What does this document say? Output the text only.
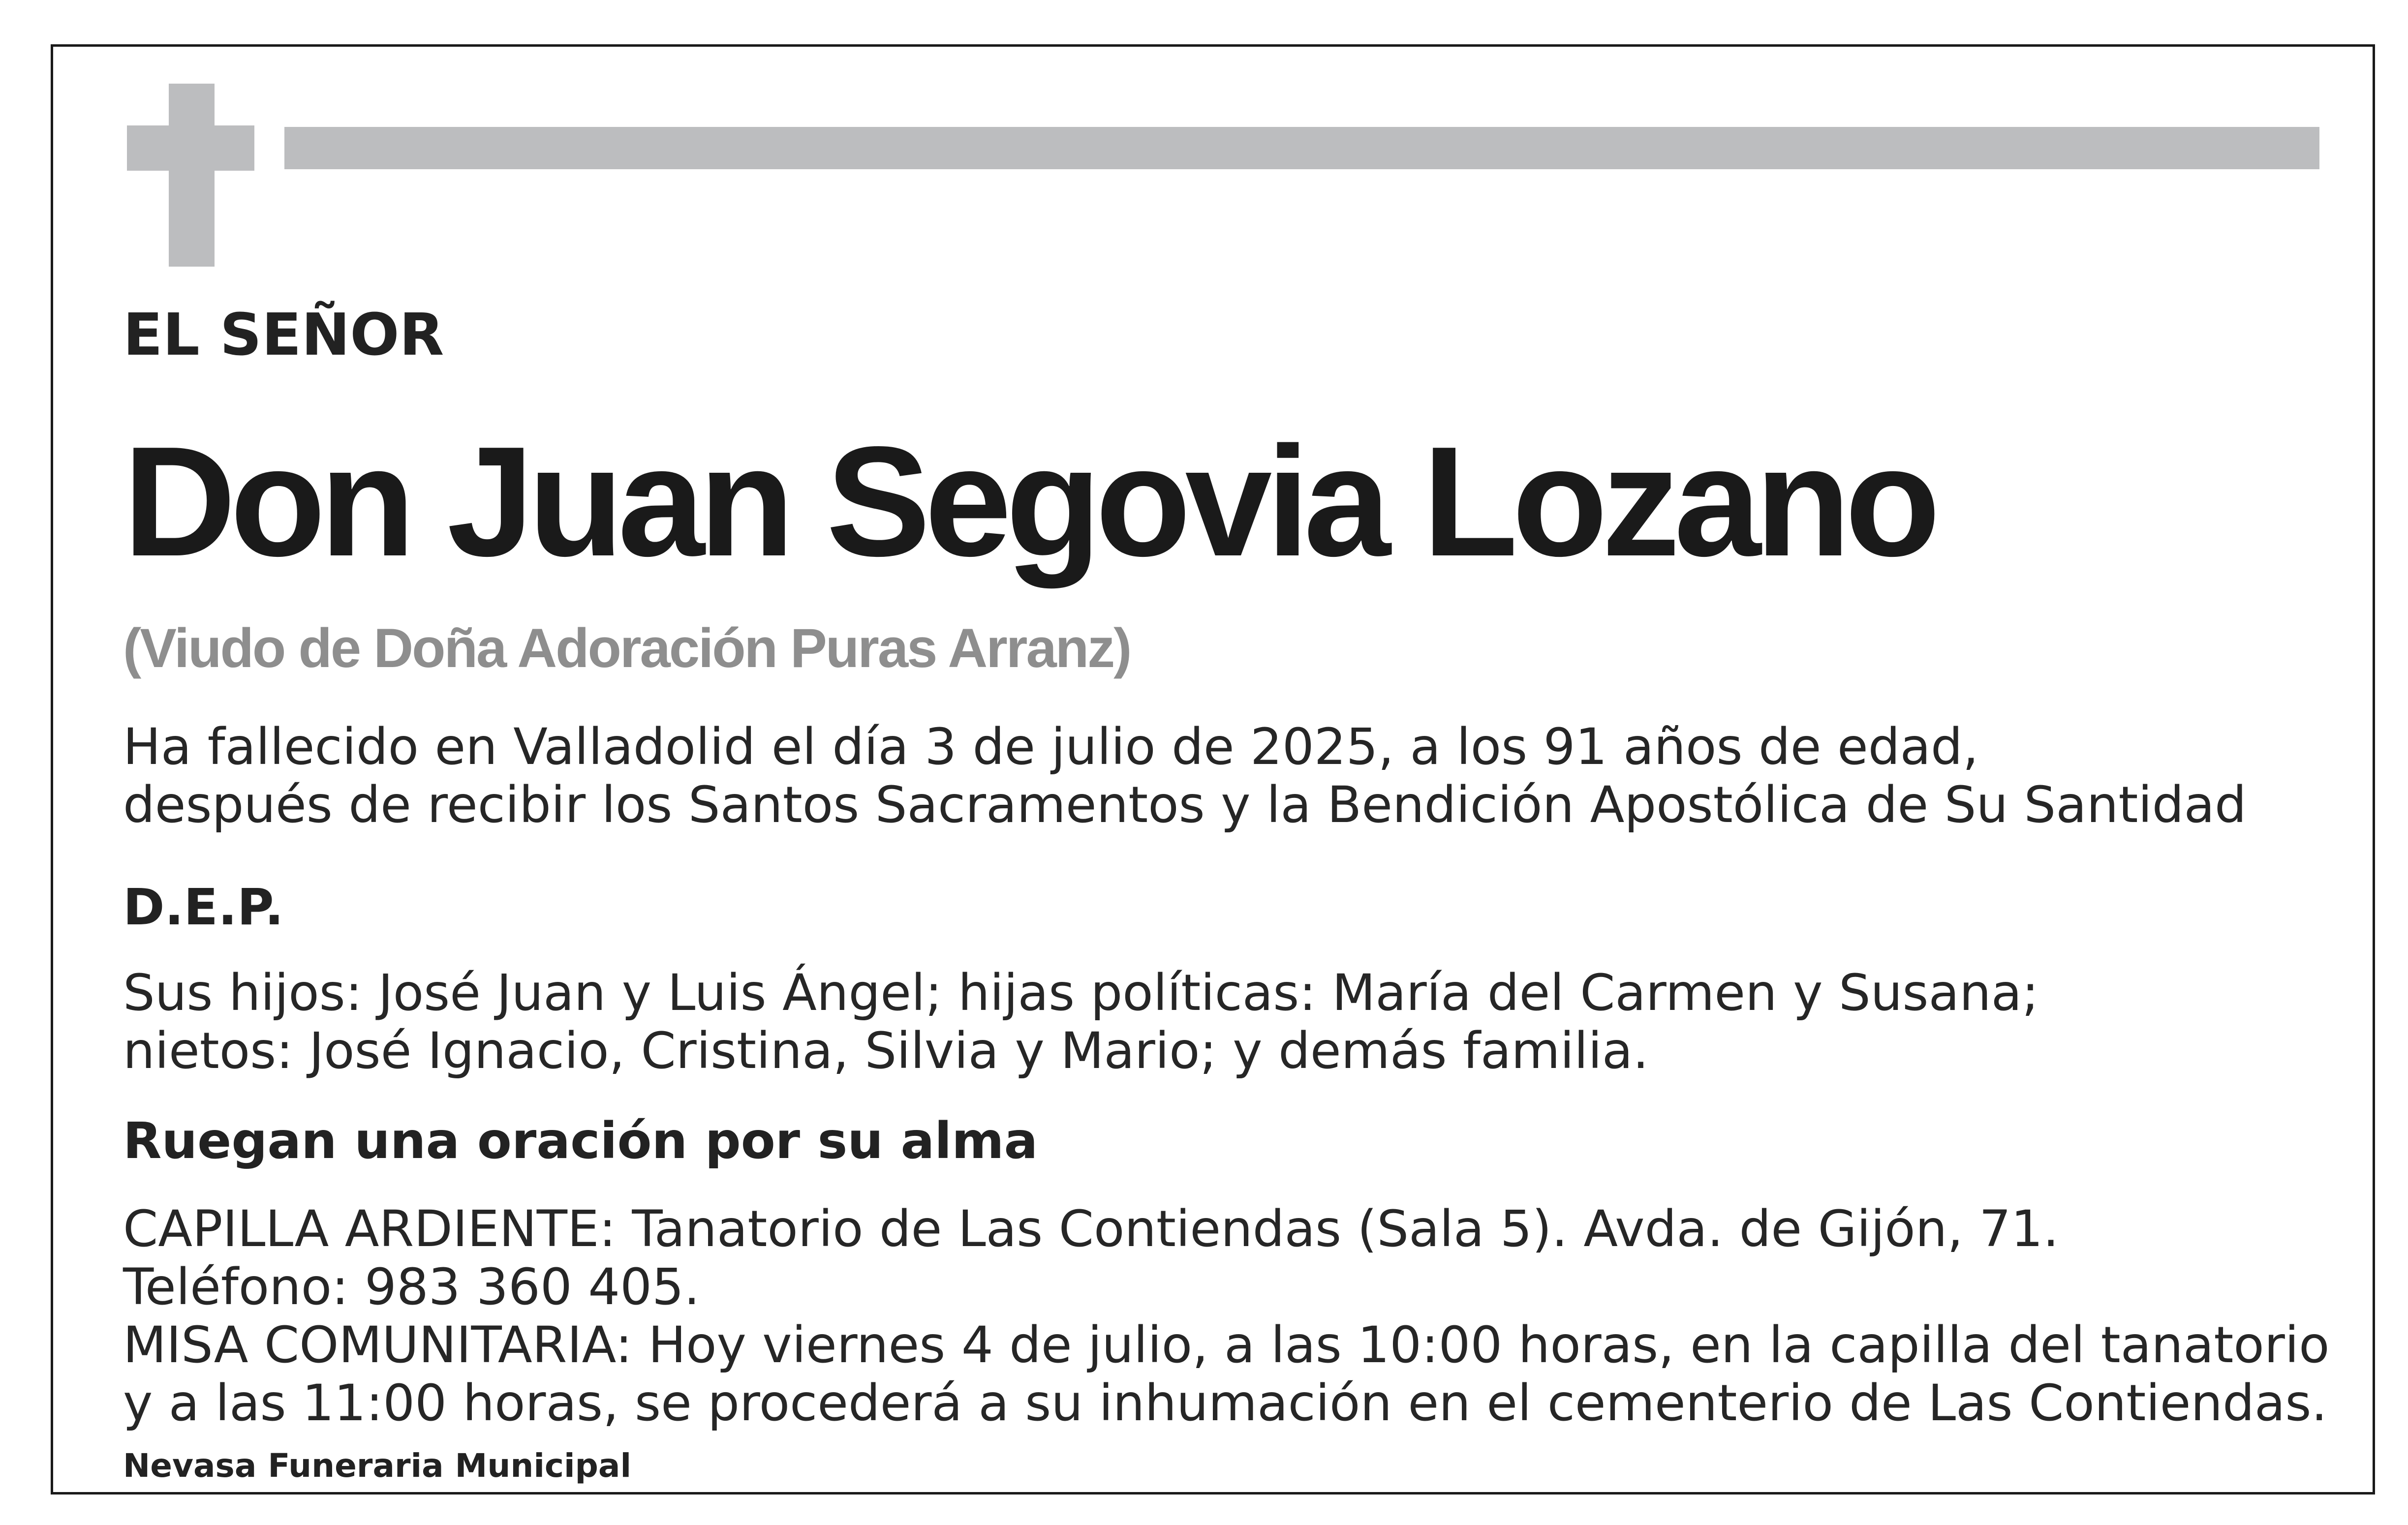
EL SEÑOR

Don Juan Segovia Lozano

(Viudo de Doña Adoración Puras Arranz)

Ha fallecido en Valladolid el día 3 de julio de 2025, a los 91 años de edad,

después de recibir los Santos Sacramentos y la Bendición Apostólica de Su Santidad

D.E.P.

Sus hijos: José Juan y Luis Ángel; hijas políticas: María del Carmen y Susana;

nietos: José Ignacio, Cristina, Silvia y Mario; y demás familia.

Ruegan una oración por su alma

CAPILLA ARDIENTE: Tanatorio de Las Contiendas (Sala 5). Avda. de Gijón, 71.

Teléfono: 983 360 405.

MISA COMUNITARIA: Hoy viernes 4 de julio, a las 10:00 horas, en la capilla del tanatorio

y a las 11:00 horas, se procederá a su inhumación en el cementerio de Las Contiendas.

Nevasa Funeraria Municipal
